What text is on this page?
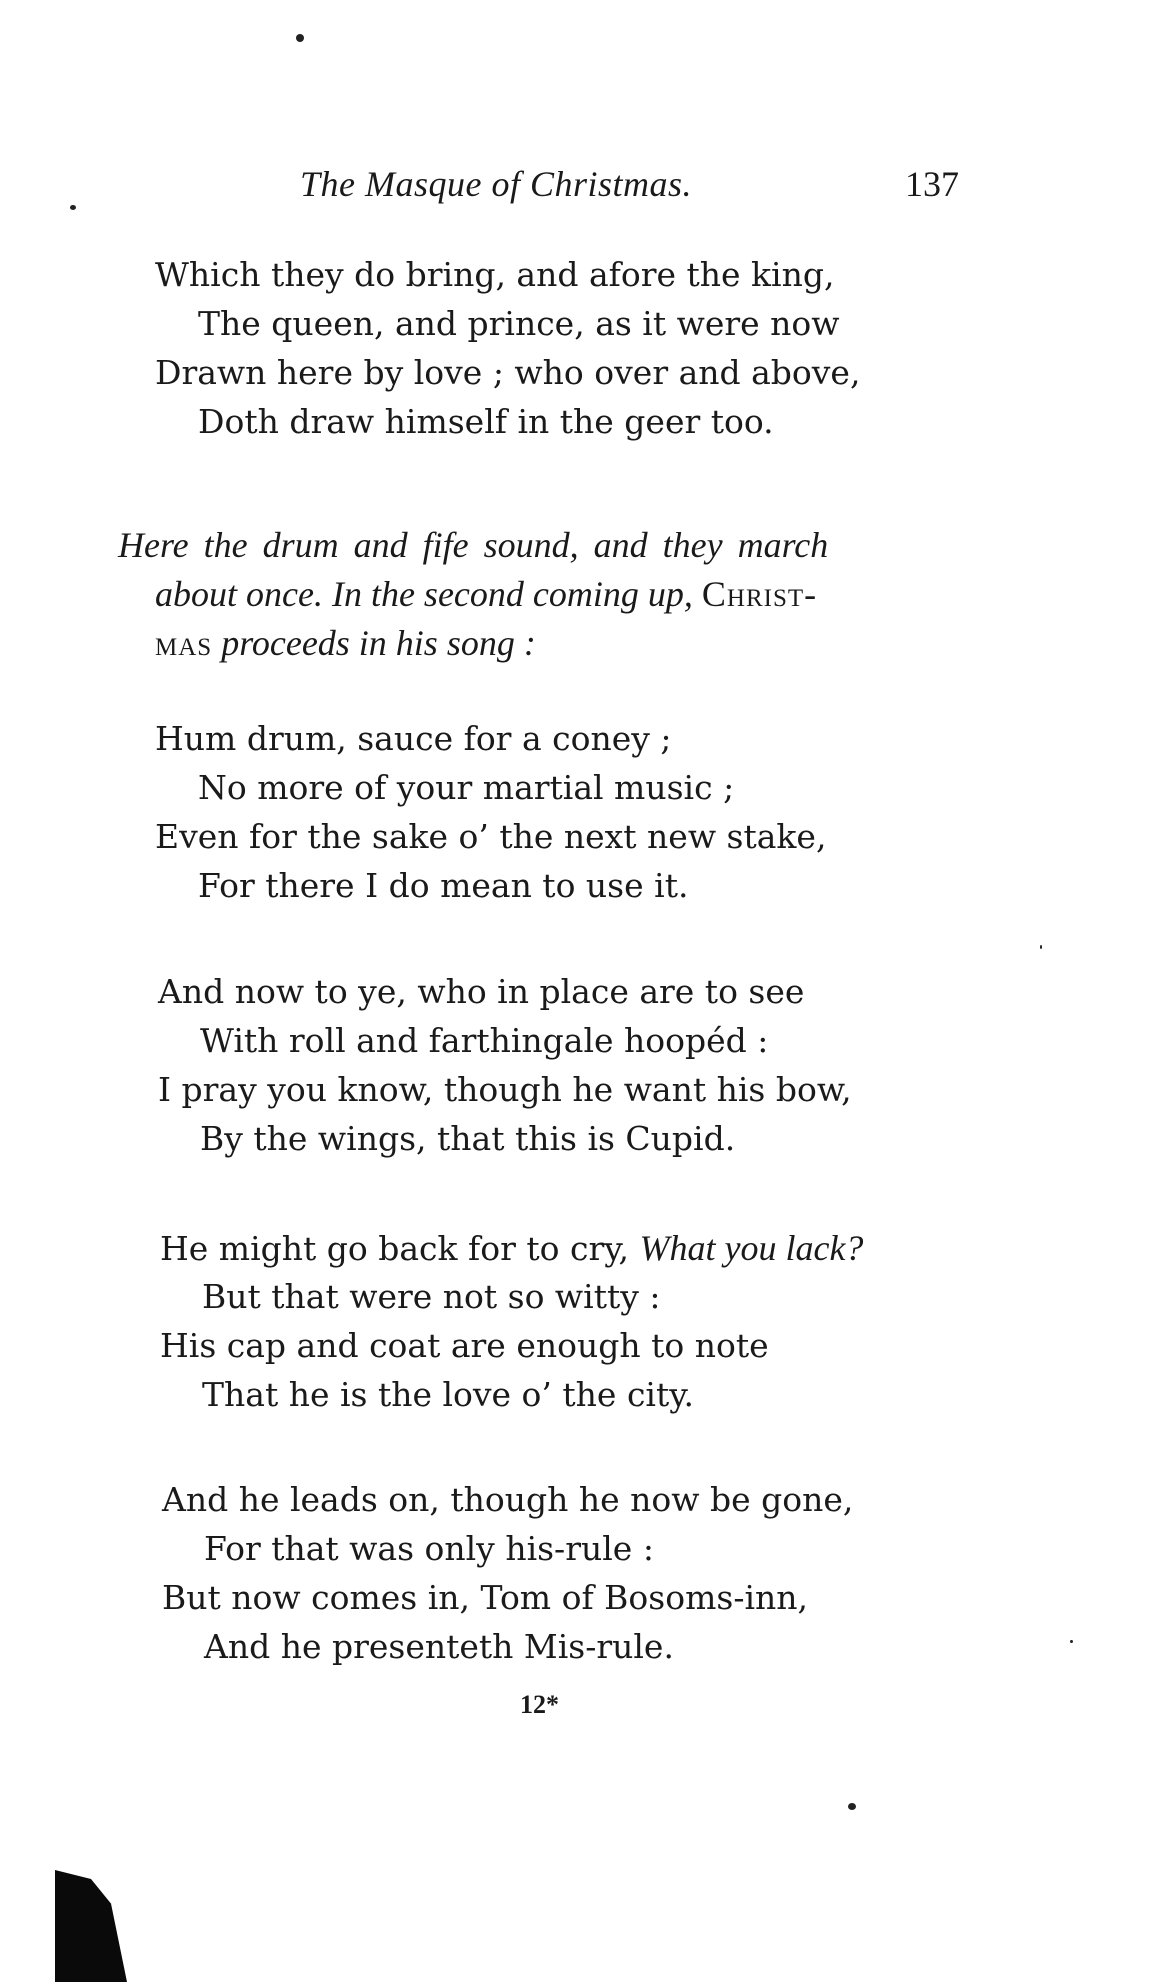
The Masque of Christmas.	137
Which they do bring, and afore the king,
The queen, and prince, as it were now
Drawn here by love ; who over and above,
Doth draw himself in the geer too.
Here the drum and fife sound, and they march
about once. In the second coming up, Christ-
mas proceeds in his song :
Hum drum, sauce for a coney ;
No more of your martial music ;
Even for the sake o’ the next new stake,
For there I do mean to use it.
And now to ye, who in place are to see
With roll and farthingale hoopéd :
I pray you know, though he want his bow,
By the wings, that this is Cupid.
He might go back for to cry, What you lack?
But that were not so witty :
His cap and coat are enough to note
That he is the love o’ the city.
And he leads on, though he now be gone,
For that was only his-rule :
But now comes in, Tom of Bosoms-inn,
And he presenteth Mis-rule.
12*
